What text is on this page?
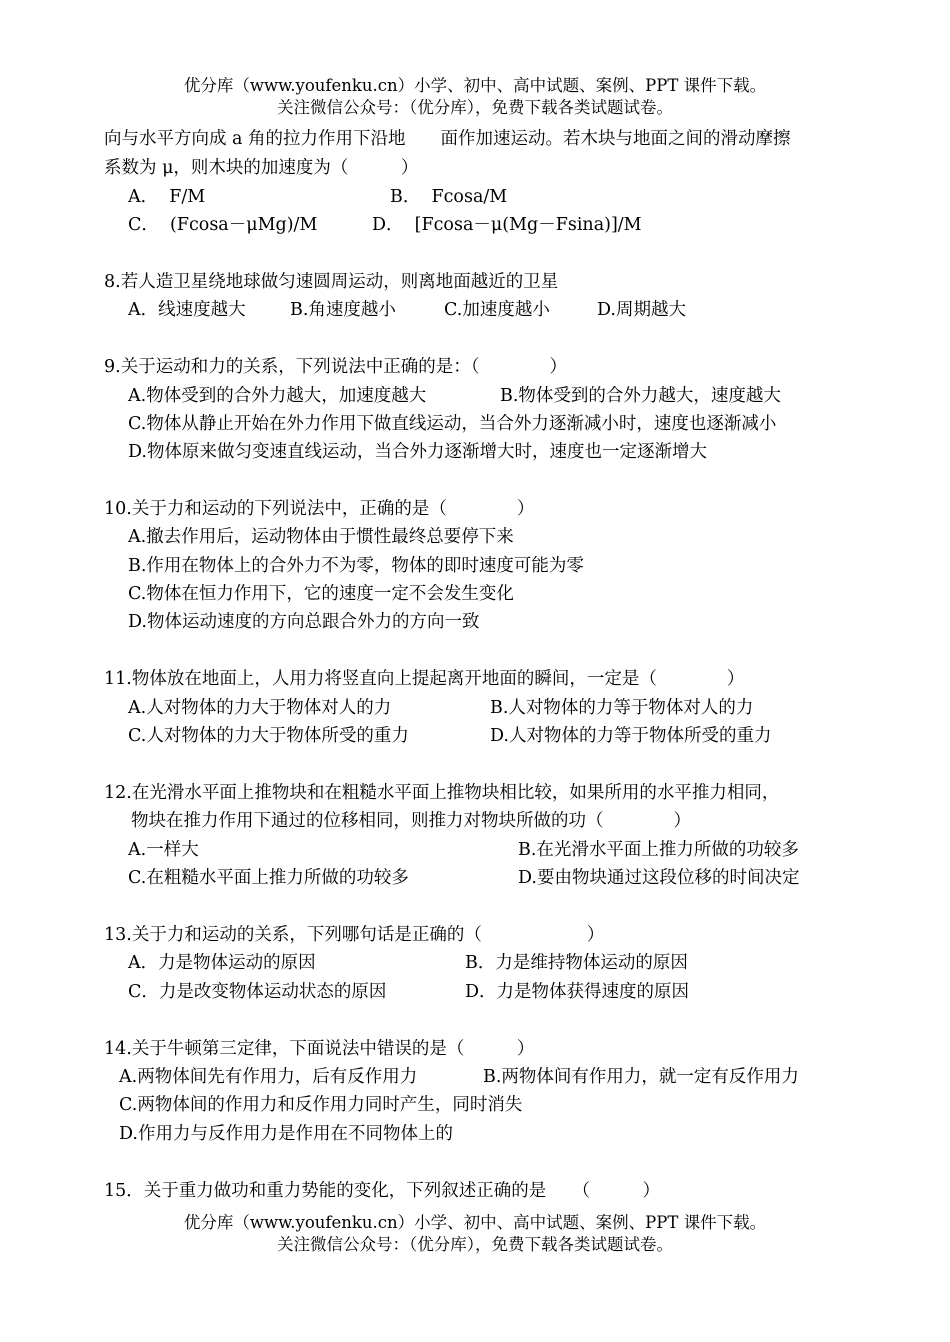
优分库（www.youfenku.cn）小学、初中、高中试题、案例、PPT 课件下载。
关注微信公众号：（优分库），免费下载各类试题试卷。
向与水平方向成 a 角的拉力作用下沿地　　面作加速运动。若木块与地面之间的滑动摩擦
系数为 μ，则木块的加速度为（　　　）
A．  F/M	B．  Fcosa/M
C．  (Fcosa－μMg)/M	D．  [Fcosa－μ(Mg－Fsina)]/M
8.若人造卫星绕地球做匀速圆周运动，则离地面越近的卫星
A．线速度越大	B.角速度越小	C.加速度越小	D.周期越大
9.关于运动和力的关系，下列说法中正确的是：（　　　　）
A.物体受到的合外力越大，加速度越大	B.物体受到的合外力越大，速度越大
C.物体从静止开始在外力作用下做直线运动，当合外力逐渐减小时，速度也逐渐减小
D.物体原来做匀变速直线运动，当合外力逐渐增大时，速度也一定逐渐增大
10.关于力和运动的下列说法中，正确的是（　　　　）
A.撤去作用后，运动物体由于惯性最终总要停下来
B.作用在物体上的合外力不为零，物体的即时速度可能为零
C.物体在恒力作用下，它的速度一定不会发生变化
D.物体运动速度的方向总跟合外力的方向一致
11.物体放在地面上，人用力将竖直向上提起离开地面的瞬间，一定是（　　　　）
A.人对物体的力大于物体对人的力	B.人对物体的力等于物体对人的力
C.人对物体的力大于物体所受的重力	D.人对物体的力等于物体所受的重力
12.在光滑水平面上推物块和在粗糙水平面上推物块相比较，如果所用的水平推力相同，
物块在推力作用下通过的位移相同，则推力对物块所做的功（　　　　）
A.一样大	B.在光滑水平面上推力所做的功较多
C.在粗糙水平面上推力所做的功较多	D.要由物块通过这段位移的时间决定
13.关于力和运动的关系，下列哪句话是正确的（　　　　　　）
A．力是物体运动的原因	B．力是维持物体运动的原因
C．力是改变物体运动状态的原因	D．力是物体获得速度的原因
14.关于牛顿第三定律，下面说法中错误的是（　　　）
A.两物体间先有作用力，后有反作用力	B.两物体间有作用力，就一定有反作用力
C.两物体间的作用力和反作用力同时产生，同时消失
D.作用力与反作用力是作用在不同物体上的
15．关于重力做功和重力势能的变化，下列叙述正确的是　　（　　　）
优分库（www.youfenku.cn）小学、初中、高中试题、案例、PPT 课件下载。
关注微信公众号：（优分库），免费下载各类试题试卷。
